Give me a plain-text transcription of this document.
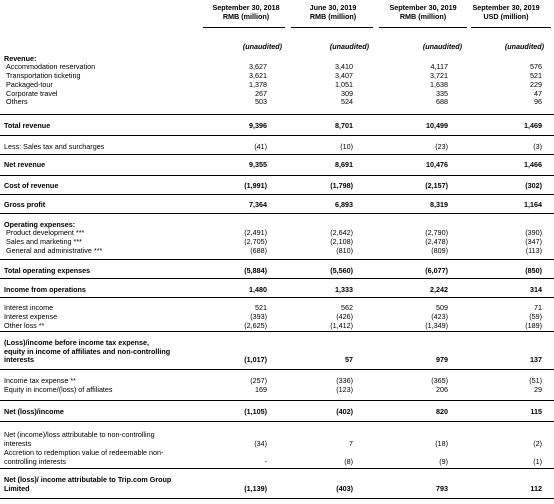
September 30, 2018
RMB (million)
June 30, 2019
RMB (million)
September 30, 2019
RMB (million)
September 30, 2019
USD (million)
(unaudited)	(unaudited)	(unaudited)	(unaudited)
Revenue:
Accommodation reservation	3,627	3,410	4,117	576
Transportation ticketing	3,621	3,407	3,721	521
Packaged-tour	1,378	1,051	1,638	229
Corporate travel	267	309	335	47
Others	503	524	688	96
Total revenue	9,396	8,701	10,499	1,469
Less: Sales tax and surcharges	(41)	(10)	(23)	(3)
Net revenue	9,355	8,691	10,476	1,466
Cost of revenue	(1,991)	(1,798)	(2,157)	(302)
Gross profit	7,364	6,893	8,319	1,164
Operating expenses:
Product development ***	(2,491)	(2,642)	(2,790)	(390)
Sales and marketing ***	(2,705)	(2,108)	(2,478)	(347)
General and administrative ***	(688)	(810)	(809)	(113)
Total operating expenses	(5,884)	(5,560)	(6,077)	(850)
Income from operations	1,480	1,333	2,242	314
Interest income	521	562	509	71
Interest expense	(393)	(426)	(423)	(59)
Other loss **	(2,625)	(1,412)	(1,349)	(189)
(Loss)/income before income tax expense,
equity in income of affiliates and non-controlling
interests	(1,017)	57	979	137
Income tax expense **	(257)	(336)	(365)	(51)
Equity in income/(loss) of affiliates	169	(123)	206	29
Net (loss)/income	(1,105)	(402)	820	115
Net (income)/loss attributable to non-controlling
interests	(34)	7	(18)	(2)
Accretion to redemption value of redeemable non-
controlling interests	-	(8)	(9)	(1)
Net (loss)/ income attributable to Trip.com Group
Limited	(1,139)	(403)	793	112
